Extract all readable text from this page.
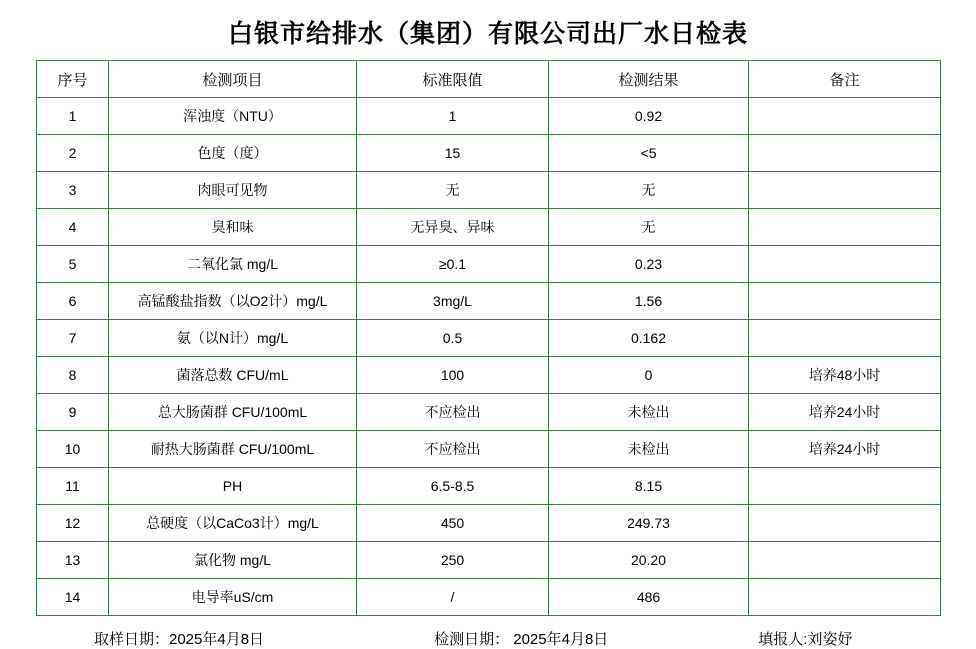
白银市给排水（集团）有限公司出厂水日检表
序号	检测项目	标准限值	检测结果	备注
1	浑浊度（NTU）	1	0.92	
2	色度（度）	15	<5	
3	肉眼可见物	无	无	
4	臭和味	无异臭、异味	无	
5	二氧化氯 mg/L	≥0.1	0.23	
6	高锰酸盐指数（以O2计）mg/L	3mg/L	1.56	
7	氨（以N计）mg/L	0.5	0.162	
8	菌落总数 CFU/mL	100	0	培养48小时
9	总大肠菌群 CFU/100mL	不应检出	未检出	培养24小时
10	耐热大肠菌群 CFU/100mL	不应检出	未检出	培养24小时
11	PH	6.5-8.5	8.15	
12	总硬度（以CaCo3计）mg/L	450	249.73	
13	氯化物 mg/L	250	20.20	
14	电导率uS/cm	/	486	
取样日期：2025年4月8日	检测日期： 2025年4月8日	填报人:刘姿妤
